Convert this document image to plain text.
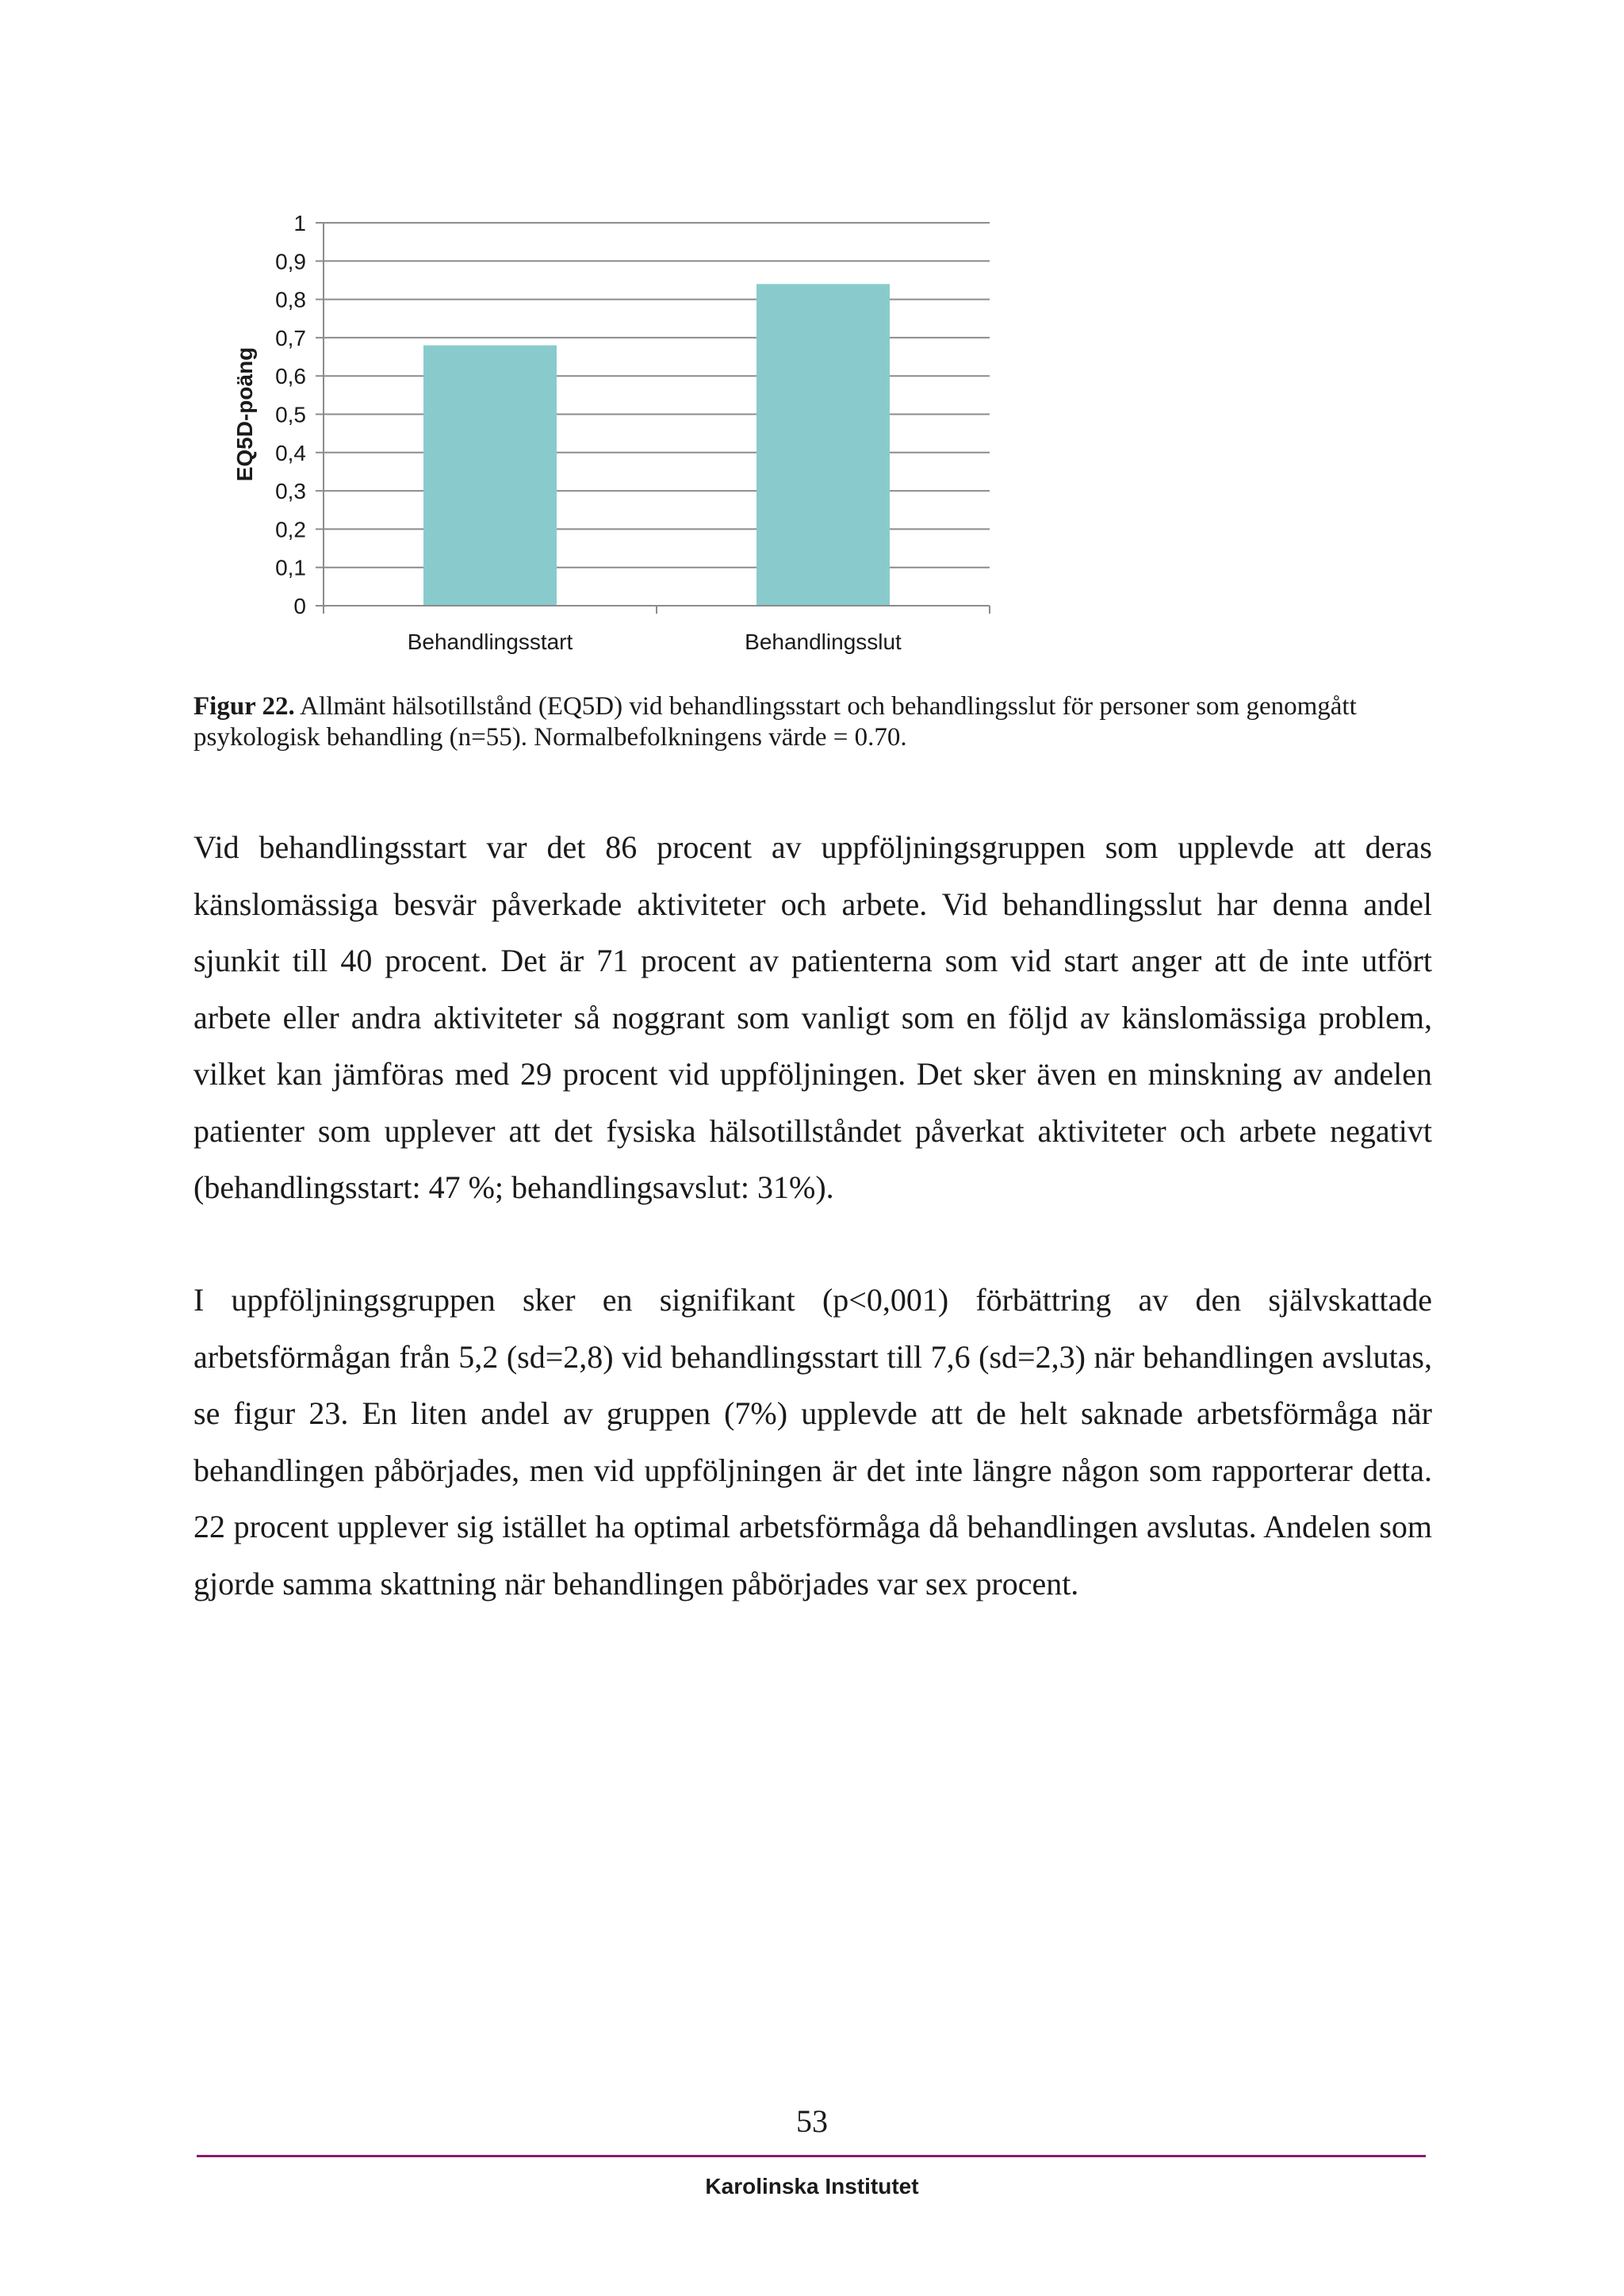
0
0,1
0,2
0,3
0,4
0,5
0,6
0,7
0,8
0,9
1
Behandlingsstart	Behandlingsslut
EQ5D-poäng
Figur 22. Allmänt hälsotillstånd (EQ5D) vid behandlingsstart och behandlingsslut för personer som genomgått psykologisk behandling (n=55). Normalbefolkningens värde = 0.70.

Vid behandlingsstart var det 86 procent av uppföljningsgruppen som upplevde att deras känslomässiga besvär påverkade aktiviteter och arbete. Vid behandlingsslut har denna andel sjunkit till 40 procent. Det är 71 procent av patienterna som vid start anger att de inte utfört arbete eller andra aktiviteter så noggrant som vanligt som en följd av känslomässiga problem, vilket kan jämföras med 29 procent vid uppföljningen. Det sker även en minskning av andelen patienter som upplever att det fysiska hälsotillståndet påverkat aktiviteter och arbete negativt (behandlingsstart: 47 %; behandlingsavslut: 31%).

I uppföljningsgruppen sker en signifikant (p<0,001) förbättring av den självskattade arbetsförmågan från 5,2 (sd=2,8) vid behandlingsstart till 7,6 (sd=2,3) när behandlingen avslutas, se figur 23. En liten andel av gruppen (7%) upplevde att de helt saknade arbetsförmåga när behandlingen påbörjades, men vid uppföljningen är det inte längre någon som rapporterar detta. 22 procent upplever sig istället ha optimal arbetsförmåga då behandlingen avslutas. Andelen som gjorde samma skattning när behandlingen påbörjades var sex procent.

53
Karolinska Institutet
